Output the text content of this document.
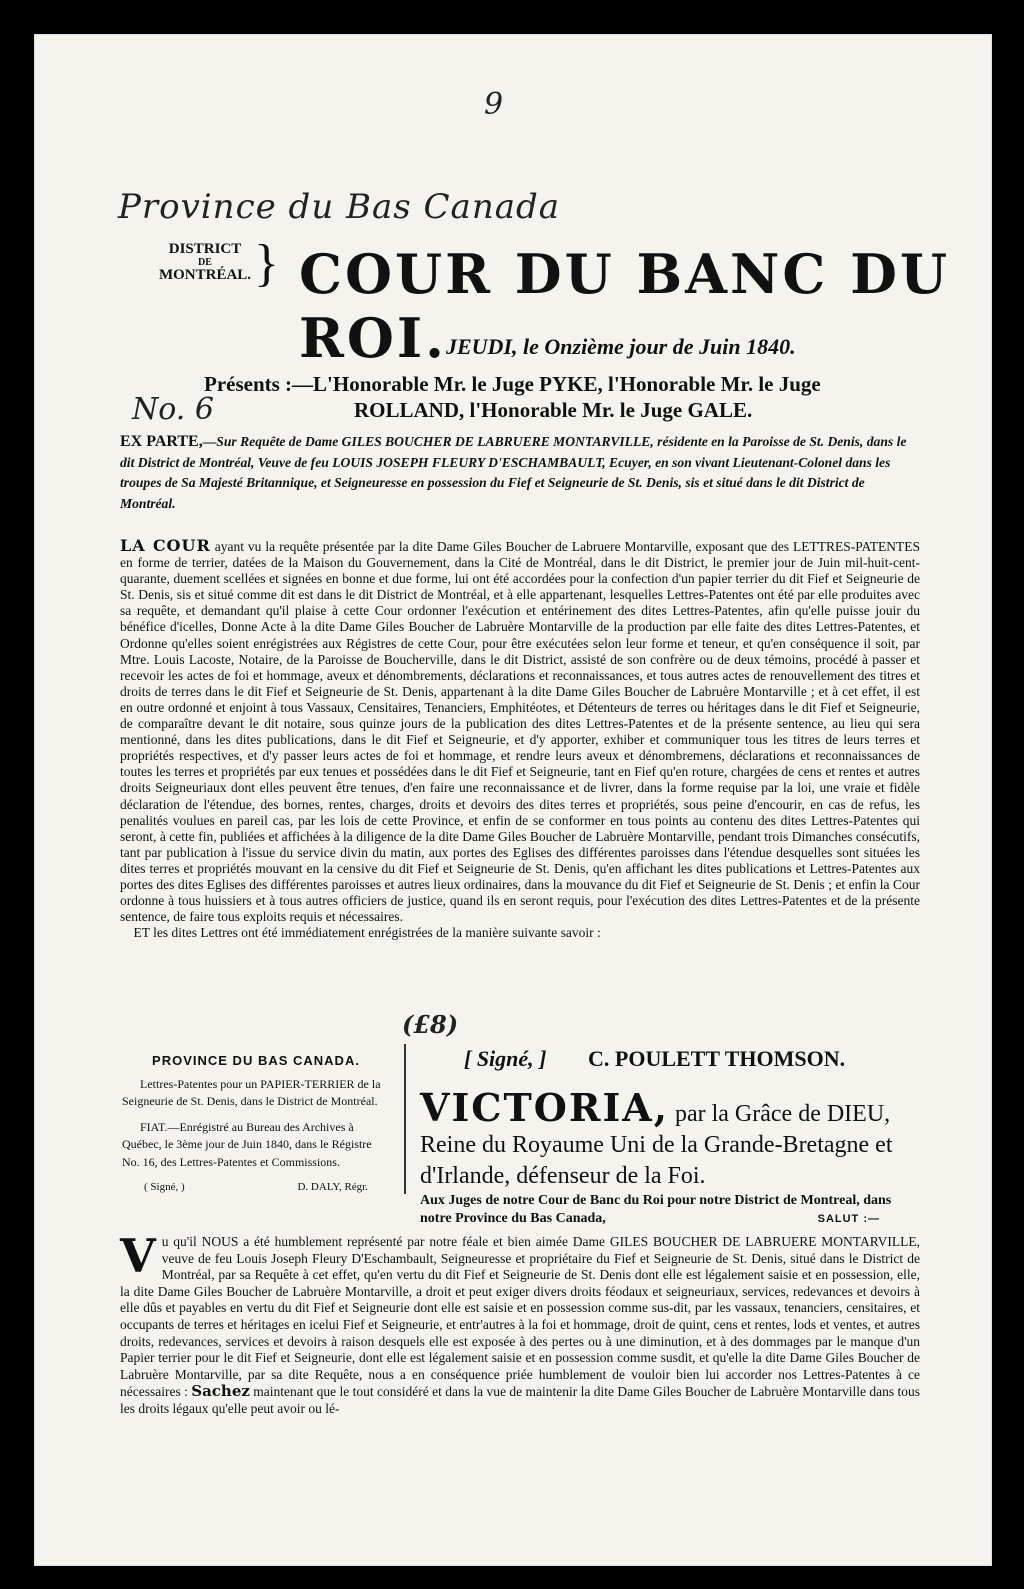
9
Province du Bas Canada
DISTRICT
DE
MONTRÉAL. } COUR DU BANC DU ROI. JEUDI, le Onzième jour de Juin 1840.
Présents :—L'Honorable Mr. le Juge PYKE, l'Honorable Mr. le Juge
No. 6	ROLLAND, l'Honorable Mr. le Juge GALE.
EX PARTE,—Sur Requête de Dame GILES BOUCHER DE LABRUERE MONTARVILLE, résidente en la Paroisse de St. Denis, dans le dit District de Montréal, Veuve de feu LOUIS JOSEPH FLEURY D'ESCHAMBAULT, Ecuyer, en son vivant Lieutenant-Colonel dans les troupes de Sa Majesté Britannique, et Seigneuresse en possession du Fief et Seigneurie de St. Denis, sis et situé dans le dit District de Montréal.
LA COUR ayant vu la requête présentée par la dite Dame Giles Boucher de Labruere Montarville, exposant que des LETTRES-PATENTES en forme de terrier, datées de la Maison du Gouvernement, dans la Cité de Montréal, dans le dit District, le premier jour de Juin mil-huit-cent-quarante, duement scellées et signées en bonne et due forme, lui ont été accordées pour la confection d'un papier terrier du dit Fief et Seigneurie de St. Denis, sis et situé comme dit est dans le dit District de Montréal, et à elle appartenant, lesquelles Lettres-Patentes ont été par elle produites avec sa requête, et demandant qu'il plaise à cette Cour ordonner l'exécution et entérinement des dites Lettres-Patentes, afin qu'elle puisse jouir du bénéfice d'icelles, Donne Acte à la dite Dame Giles Boucher de Labruère Montarville de la production par elle faite des dites Lettres-Patentes, et Ordonne qu'elles soient enrégistrées aux Régistres de cette Cour, pour être exécutées selon leur forme et teneur, et qu'en conséquence il soit, par Mtre. Louis Lacoste, Notaire, de la Paroisse de Boucherville, dans le dit District, assisté de son confrère ou de deux témoins, procédé à passer et recevoir les actes de foi et hommage, aveux et dénombrements, déclarations et reconnaissances, et tous autres actes de renouvellement des titres et droits de terres dans le dit Fief et Seigneurie de St. Denis, appartenant à la dite Dame Giles Boucher de Labruère Montarville ; et à cet effet, il est en outre ordonné et enjoint à tous Vassaux, Censitaires, Tenanciers, Emphitéotes, et Détenteurs de terres ou héritages dans le dit Fief et Seigneurie, de comparaître devant le dit notaire, sous quinze jours de la publication des dites Lettres-Patentes et de la présente sentence, au lieu qui sera mentionné, dans les dites publications, dans le dit Fief et Seigneurie, et d'y apporter, exhiber et communiquer tous les titres de leurs terres et propriétés respectives, et d'y passer leurs actes de foi et hommage, et rendre leurs aveux et dénombremens, déclarations et reconnaissances de toutes les terres et propriétés par eux tenues et possédées dans le dit Fief et Seigneurie, tant en Fief qu'en roture, chargées de cens et rentes et autres droits Seigneuriaux dont elles peuvent être tenues, d'en faire une reconnaissance et de livrer, dans la forme requise par la loi, une vraie et fidèle déclaration de l'étendue, des bornes, rentes, charges, droits et devoirs des dites terres et propriétés, sous peine d'encourir, en cas de refus, les penalités voulues en pareil cas, par les lois de cette Province, et enfin de se conformer en tous points au contenu des dites Lettres-Patentes qui seront, à cette fin, publiées et affichées à la diligence de la dite Dame Giles Boucher de Labruère Montarville, pendant trois Dimanches consécutifs, tant par publication à l'issue du service divin du matin, aux portes des Eglises des différentes paroisses dans l'étendue desquelles sont situées les dites terres et propriétés mouvant en la censive du dit Fief et Seigneurie de St. Denis, qu'en affichant les dites publications et Lettres-Patentes aux portes des dites Eglises des différentes paroisses et autres lieux ordinaires, dans la mouvance du dit Fief et Seigneurie de St. Denis ; et enfin la Cour ordonne à tous huissiers et à tous autres officiers de justice, quand ils en seront requis, pour l'exécution des dites Lettres-Patentes et de la présente sentence, de faire tous exploits requis et nécessaires.
ET les dites Lettres ont été immédiatement enrégistrées de la manière suivante savoir :
(£8)
PROVINCE DU BAS CANADA.

Lettres-Patentes pour un PAPIER-TERRIER de la Seigneurie de St. Denis, dans le District de Montréal.

FIAT.—Enrégistré au Bureau des Archives à Québec, le 3ème jour de Juin 1840, dans le Régistre No. 16, des Lettres-Patentes et Commissions.

( Signé, )	D. DALY, Régr.
[ Signé, ] C. POULETT THOMSON.
VICTORIA, par la Grâce de DIEU, Reine du Royaume Uni de la Grande-Bretagne et d'Irlande, défenseur de la Foi.
Aux Juges de notre Cour de Banc du Roi pour notre District de Montreal, dans notre Province du Bas Canada,	SALUT :—
V u qu'il NOUS a été humblement représenté par notre féale et bien aimée Dame GILES BOUCHER DE LABRUERE MONTARVILLE, veuve de feu Louis Joseph Fleury D'Eschambault, Seigneuresse et propriétaire du Fief et Seigneurie de St. Denis, situé dans le District de Montréal, par sa Requête à cet effet, qu'en vertu du dit Fief et Seigneurie de St. Denis dont elle est légalement saisie et en possession, elle, la dite Dame Giles Boucher de Labruère Montarville, a droit et peut exiger divers droits féodaux et seigneuriaux, services, redevances et devoirs à elle dûs et payables en vertu du dit Fief et Seigneurie dont elle est saisie et en possession comme sus-dit, par les vassaux, tenanciers, censitaires, et occupants de terres et héritages en icelui Fief et Seigneurie, et entr'autres à la foi et hommage, droit de quint, cens et rentes, lods et ventes, et autres droits, redevances, services et devoirs à raison desquels elle est exposée à des pertes ou à une diminution, et à des dommages par le manque d'un Papier terrier pour le dit Fief et Seigneurie, dont elle est légalement saisie et en possession comme susdit, et qu'elle la dite Dame Giles Boucher de Labruère Montarville, par sa dite Requête, nous a en conséquence priée humblement de vouloir bien lui accorder nos Lettres-Patentes à ce nécessaires : Sachez maintenant que le tout considéré et dans la vue de maintenir la dite Dame Giles Boucher de Labruère Montarville dans tous les droits légaux qu'elle peut avoir ou lé-
